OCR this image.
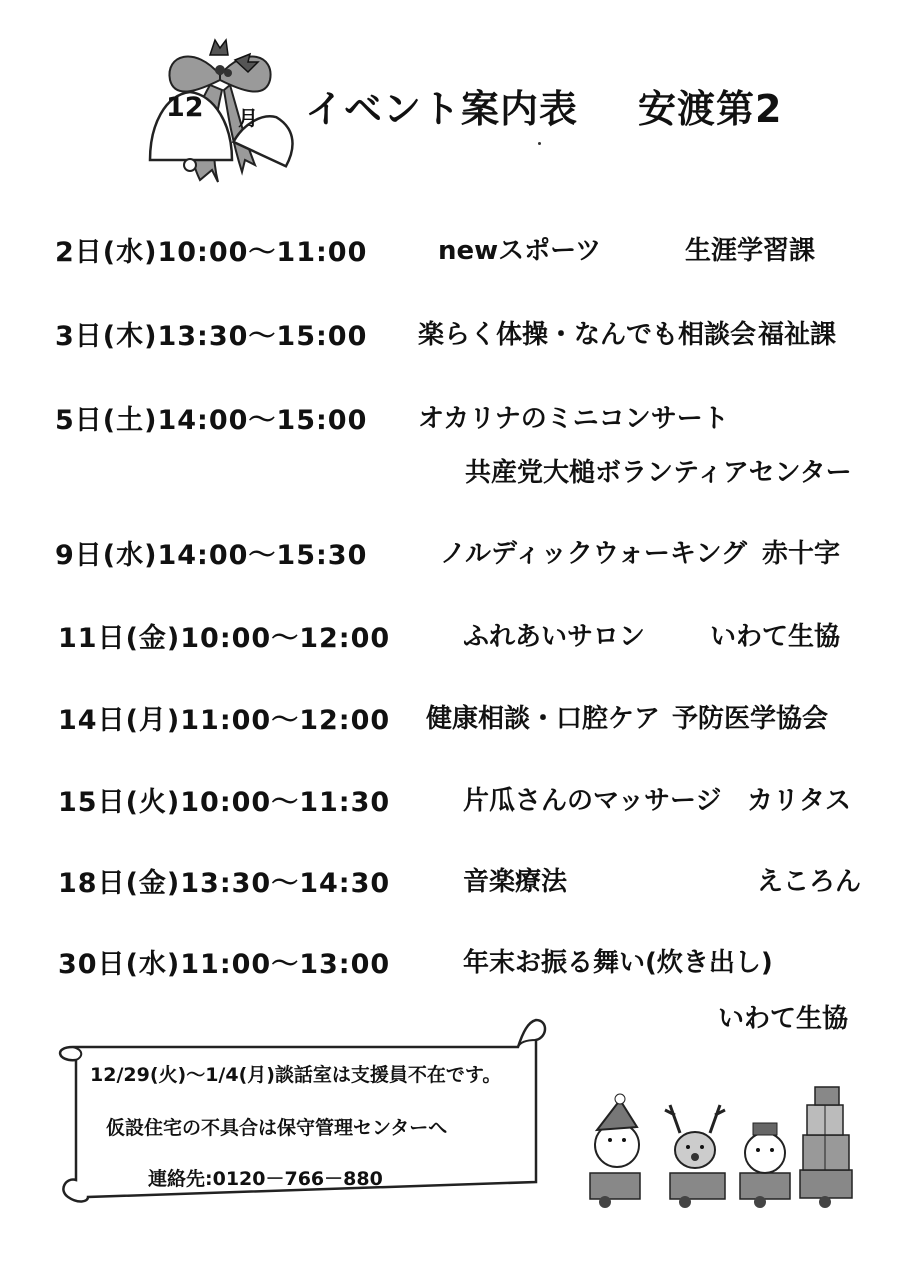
12 月 イベント案内表 安渡第2
2日(水)10:00～11:00	newスポーツ	生涯学習課
3日(木)13:30～15:00 楽らく体操・なんでも相談会 福祉課
5日(土)14:00～15:00 オカリナのミニコンサート
共産党大槌ボランティアセンター
9日(水)14:00～15:30	ノルディックウォーキング 赤十字
11日(金)10:00～12:00	ふれあいサロン いわて生協
14日(月)11:00～12:00 健康相談・口腔ケア 予防医学協会
15日(火)10:00～11:30	片瓜さんのマッサージ カリタス
18日(金)13:30～14:30	音楽療法	えころん
30日(水)11:00～13:00	年末お振る舞い(炊き出し)
いわて生協
12/29(火)～1/4(月)談話室は支援員不在です。
仮設住宅の不具合は保守管理センターへ
連絡先:0120－766－880
